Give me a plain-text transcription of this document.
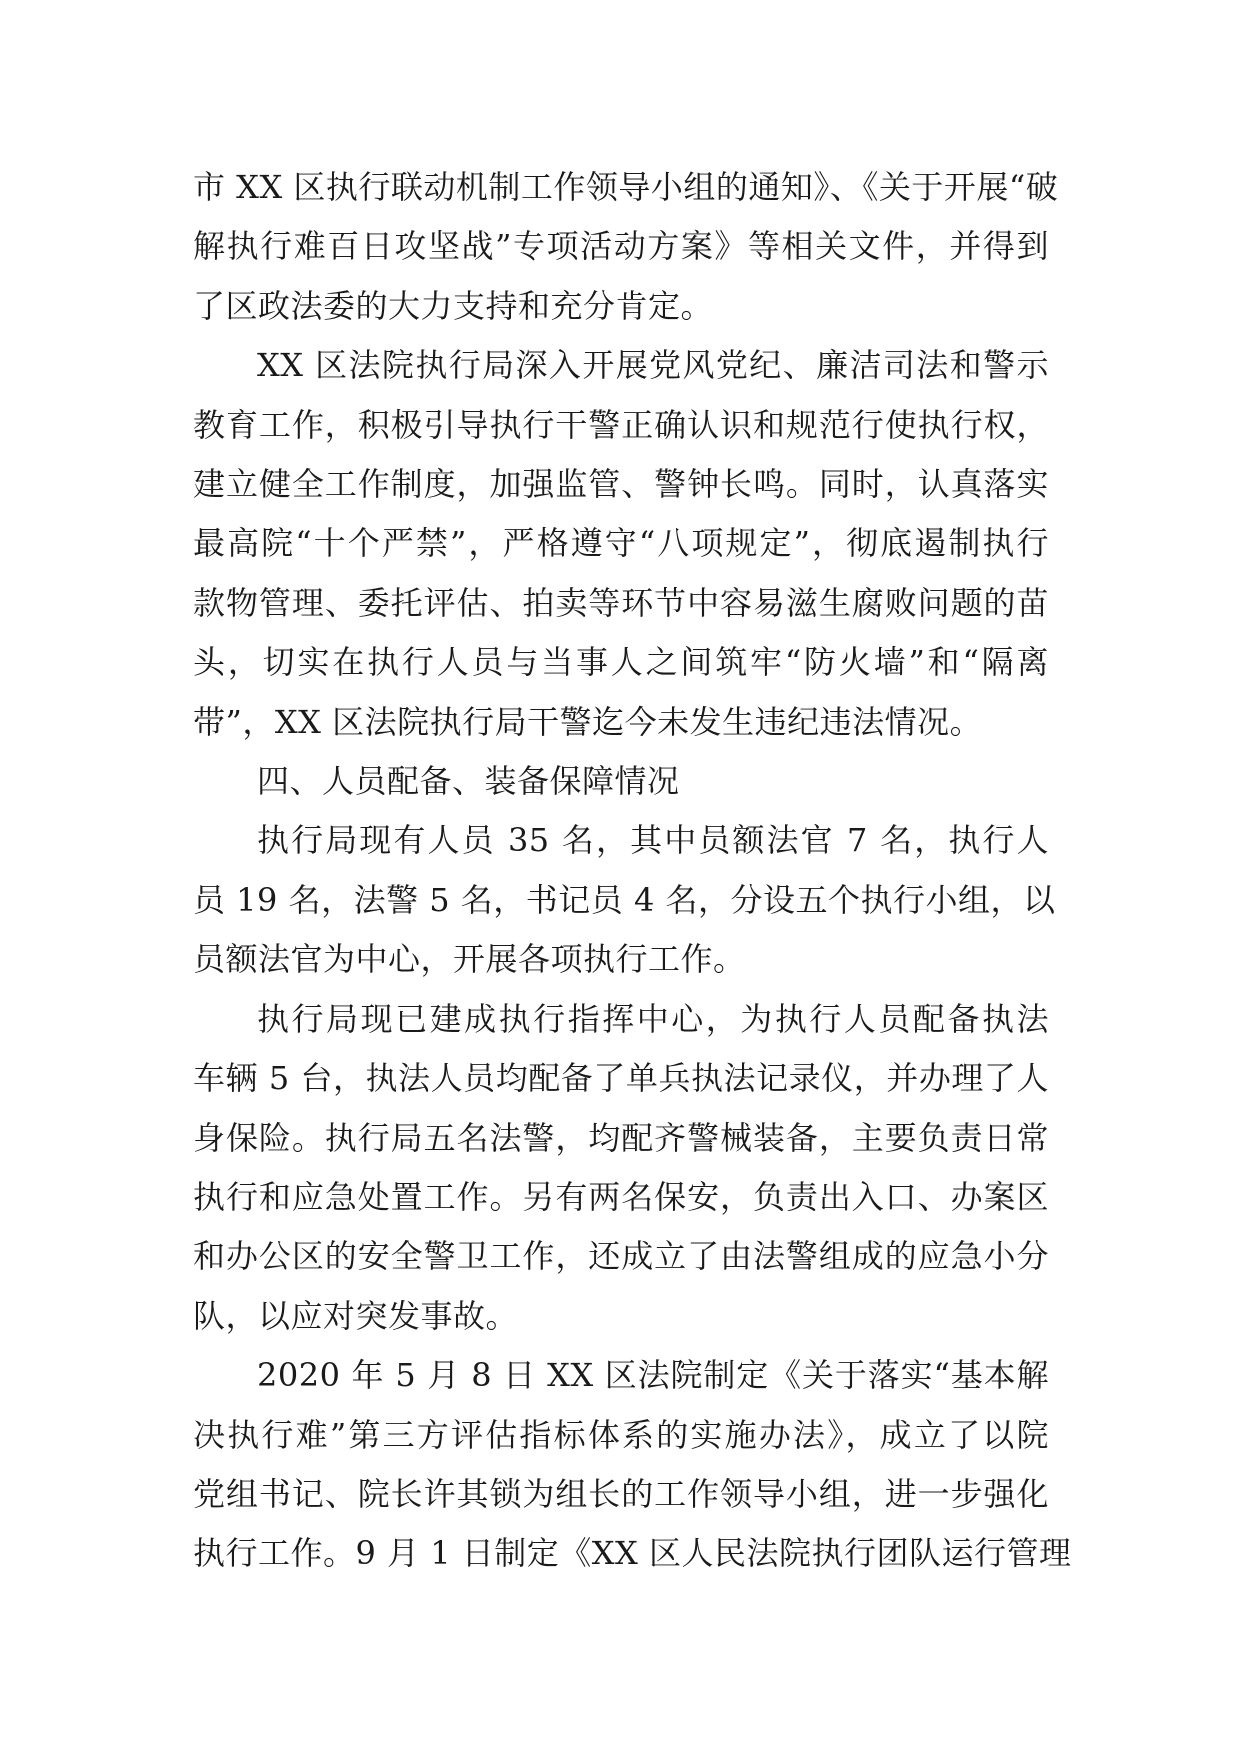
市 XX 区执行联动机制工作领导小组的通知》、《关于开展“破
解执行难百日攻坚战”专项活动方案》等相关文件，并得到
了区政法委的大力支持和充分肯定。

XX 区法院执行局深入开展党风党纪、廉洁司法和警示
教育工作，积极引导执行干警正确认识和规范行使执行权，
建立健全工作制度，加强监管、警钟长鸣。同时，认真落实
最高院“十个严禁”，严格遵守“八项规定”，彻底遏制执行
款物管理、委托评估、拍卖等环节中容易滋生腐败问题的苗
头，切实在执行人员与当事人之间筑牢“防火墙”和“隔离
带”，XX 区法院执行局干警迄今未发生违纪违法情况。

四、人员配备、装备保障情况

执行局现有人员 35 名，其中员额法官 7 名，执行人
员 19 名，法警 5 名，书记员 4 名，分设五个执行小组，以
员额法官为中心，开展各项执行工作。

执行局现已建成执行指挥中心，为执行人员配备执法
车辆 5 台，执法人员均配备了单兵执法记录仪，并办理了人
身保险。执行局五名法警，均配齐警械装备，主要负责日常
执行和应急处置工作。另有两名保安，负责出入口、办案区
和办公区的安全警卫工作，还成立了由法警组成的应急小分
队，以应对突发事故。

2020 年 5 月 8 日 XX 区法院制定《关于落实“基本解
决执行难”第三方评估指标体系的实施办法》，成立了以院
党组书记、院长许其锁为组长的工作领导小组，进一步强化
执行工作。9 月 1 日制定《XX 区人民法院执行团队运行管理
